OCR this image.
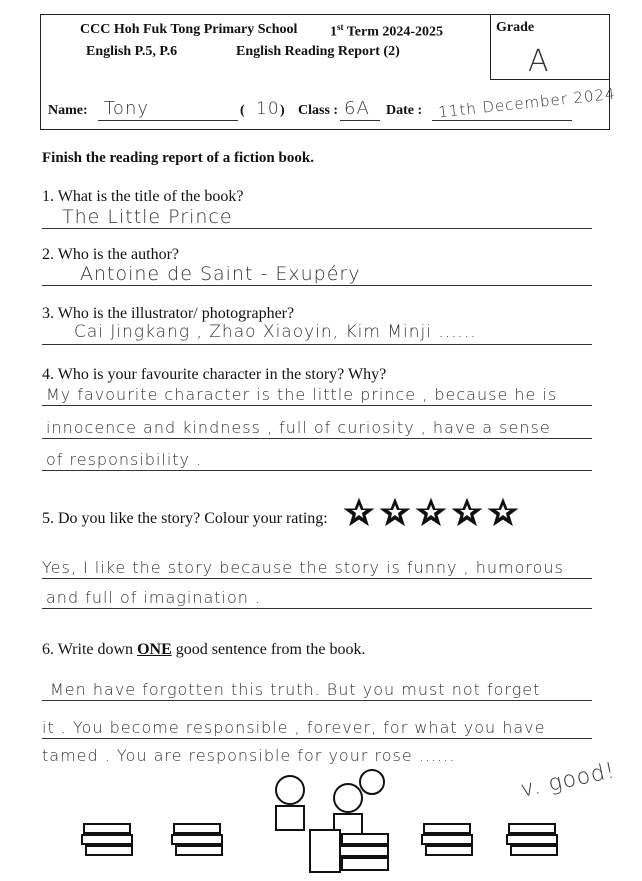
CCC Hoh Fuk Tong Primary School 1st Term 2024-2025
English P.5, P.6	English Reading Report (2)
Grade
A
Name: Tony	( 10 ) Class : 6A Date : 11th December 2024
Finish the reading report of a fiction book.
1. What is the title of the book?
The Little Prince
2. Who is the author?
Antoine de Saint - Exupéry
3. Who is the illustrator/ photographer?
Cai Jingkang , Zhao Xiaoyin, Kim Minji ......
4. Who is your favourite character in the story? Why?
My favourite character is the little prince , because he is
innocence and kindness , full of curiosity , have a sense
of responsibility .
5. Do you like the story? Colour your rating:
Yes, I like the story because the story is funny , humorous
and full of imagination .
6. Write down ONE good sentence from the book.
Men have forgotten this truth. But you must not forget
it . You become responsible , forever, for what you have
tamed . You are responsible for your rose ......
v. good!
